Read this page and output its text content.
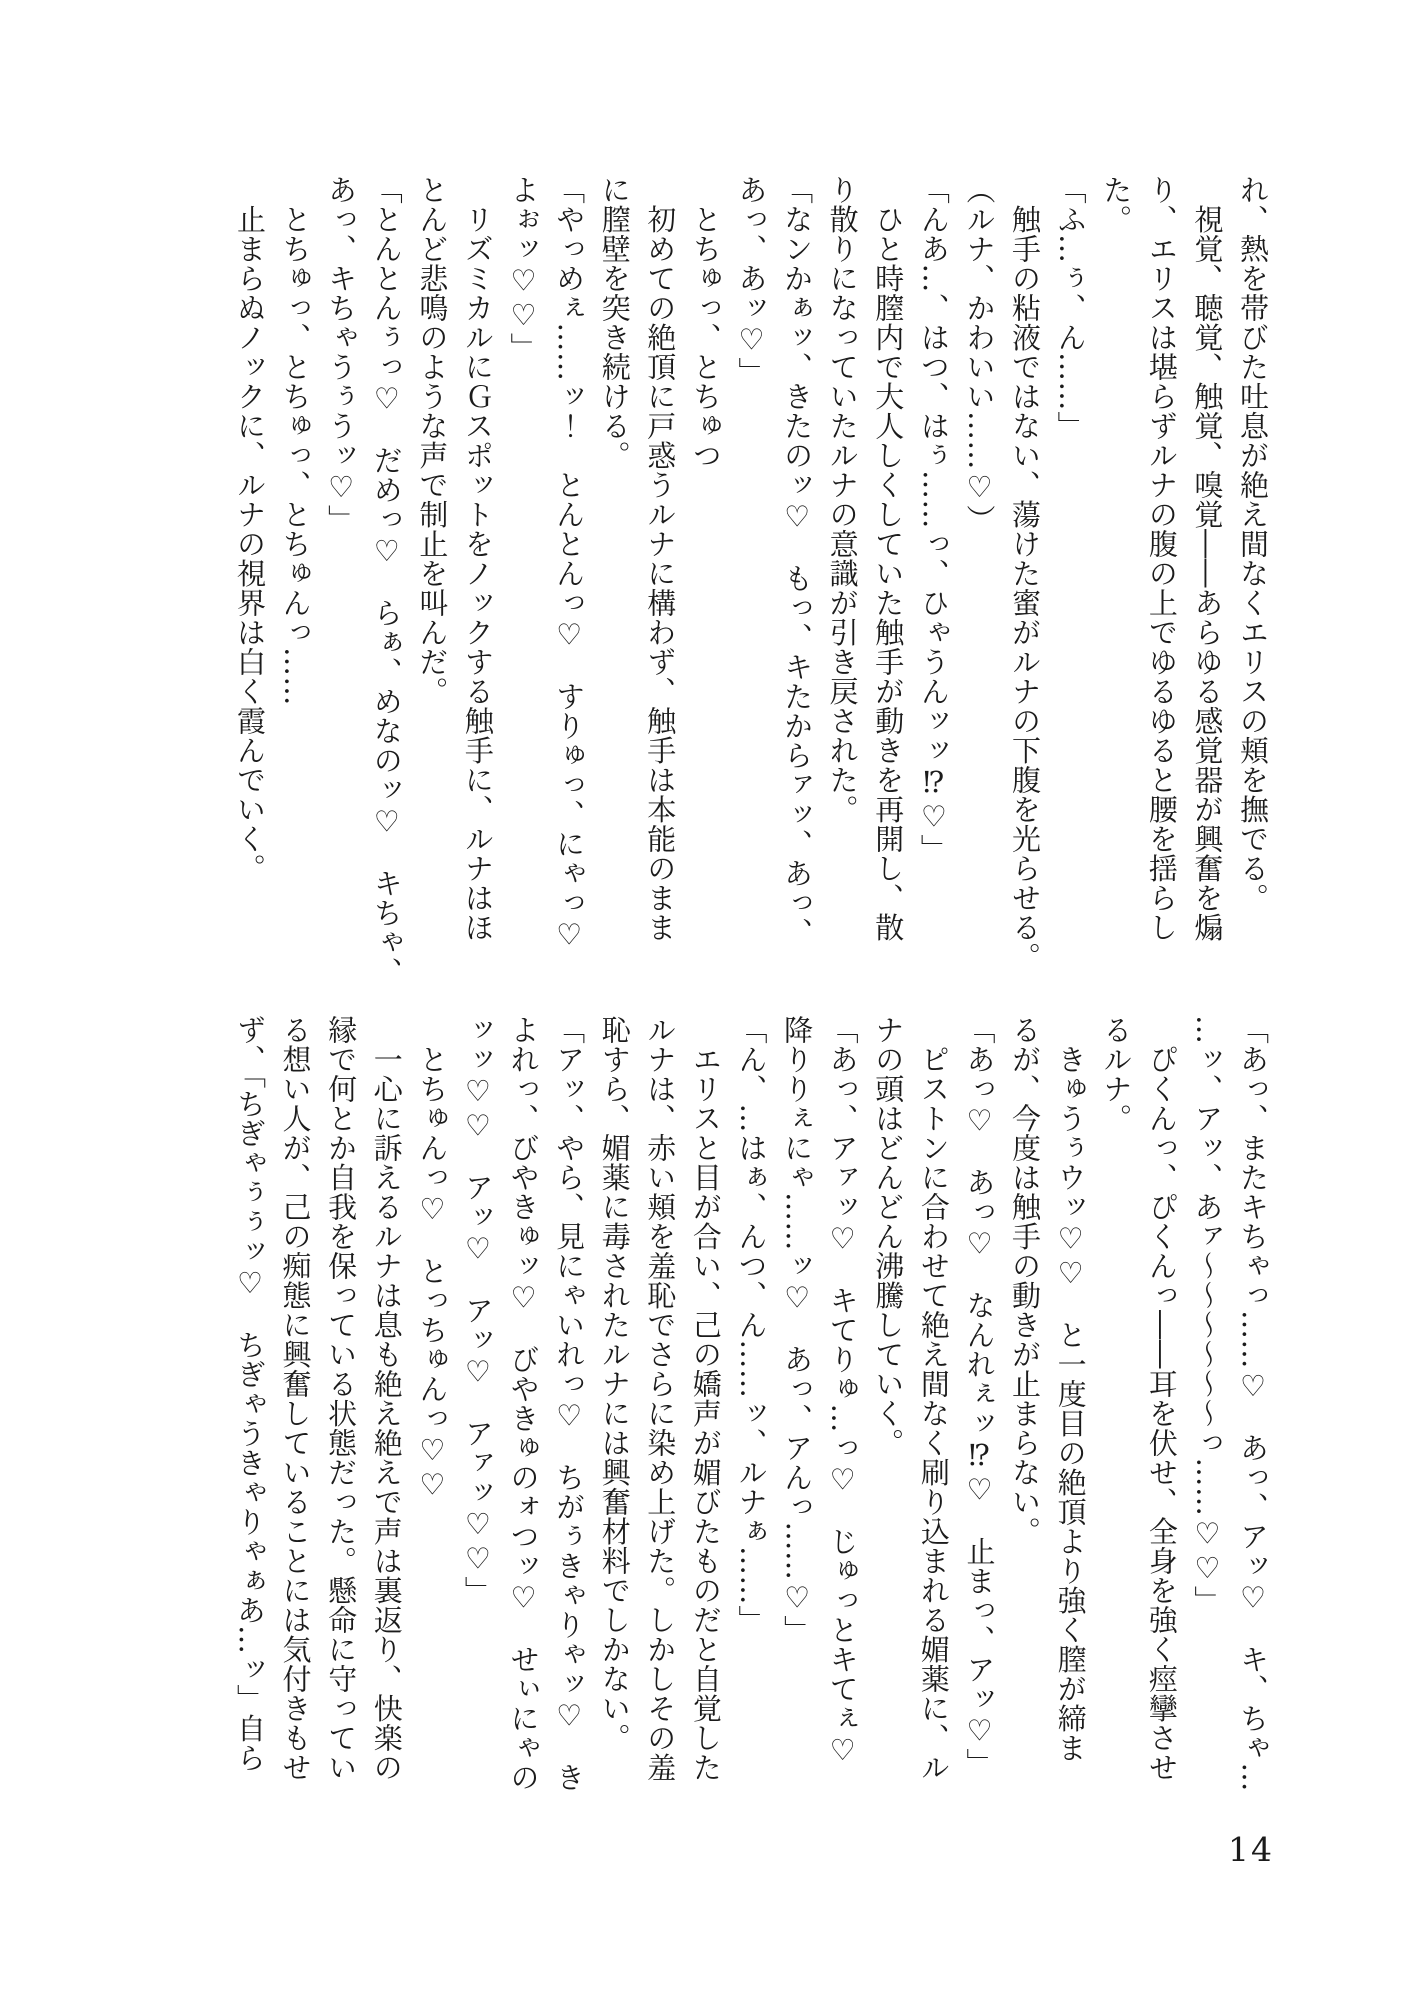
れ、熱を帯びた吐息が絶え間なくエリスの頬を撫でる。

　視覚、聴覚、触覚、嗅覚――あらゆる感覚器が興奮を煽

り、エリスは堪らずルナの腹の上でゆるゆると腰を揺らし

た。

「ふ…ぅ、ん……」

　触手の粘液ではない、蕩けた蜜がルナの下腹を光らせる。

（ルナ、かわいい……♡）

「んあ…、はつ、はぅ……っ、ひゃうんッッ⁉♡」

　ひと時膣内で大人しくしていた触手が動きを再開し、散

り散りになっていたルナの意識が引き戻された。

「なンかぁッ、きたのッ♡　もっ、キたからァッ、あっ、

あっ、あッ♡」

　とちゅっ、とちゅつ

　初めての絶頂に戸惑うルナに構わず、触手は本能のまま

に膣壁を突き続ける。

「やっめぇ……ッ！　とんとんっ♡　すりゅっ、にゃっ♡

よぉッ♡♡」

　リズミカルにＧスポットをノックする触手に、ルナはほ

とんど悲鳴のような声で制止を叫んだ。

「とんとんぅっ♡　だめっ♡　らぁ、めなのッ♡　キちゃ、

あっ、キちゃうぅうッ♡」

　とちゅっ、とちゅっ、とちゅんっ……

　止まらぬノックに、ルナの視界は白く霞んでいく。

「あっ、またキちゃっ……♡　あっ、アッ♡　キ、ちゃ…

…ッ、アッ、あァ～～～～～～っ……♡♡」

　ぴくんっ、ぴくんっ――耳を伏せ、全身を強く痙攣させ

るルナ。

　きゅうぅウッ♡♡　と一度目の絶頂より強く膣が締ま

るが、今度は触手の動きが止まらない。

「あっ♡　あっ♡　なんれぇッ⁉♡　止まっ、アッ♡」

　ピストンに合わせて絶え間なく刷り込まれる媚薬に、ル

ナの頭はどんどん沸騰していく。

「あっ、アァッ♡　キてりゅ…っ♡　じゅっとキてぇ♡

降りりぇにゃ……ッ♡　あっ、アんっ……♡」

「ん、…はぁ、んつ、ん……ッ、ルナぁ……」

　エリスと目が合い、己の嬌声が媚びたものだと自覚した

ルナは、赤い頬を羞恥でさらに染め上げた。しかしその羞

恥すら、媚薬に毒されたルナには興奮材料でしかない。

「アッ、やら、見にゃいれっ♡　ちがぅきゃりゃッ♡　き

よれっ、びやきゅッ♡　びやきゅのォつッ♡　せぃにゃの

ッッ♡♡　アッ♡　アッ♡　アァッ♡♡」

　とちゅんっ♡　とっちゅんっ♡♡

　一心に訴えるルナは息も絶え絶えで声は裏返り、快楽の

縁で何とか自我を保っている状態だった。懸命に守ってい

る想い人が、己の痴態に興奮していることには気付きもせ

ず、「ちぎゃぅぅッ♡　ちぎゃうきゃりゃぁあ…ッ」自ら

14
